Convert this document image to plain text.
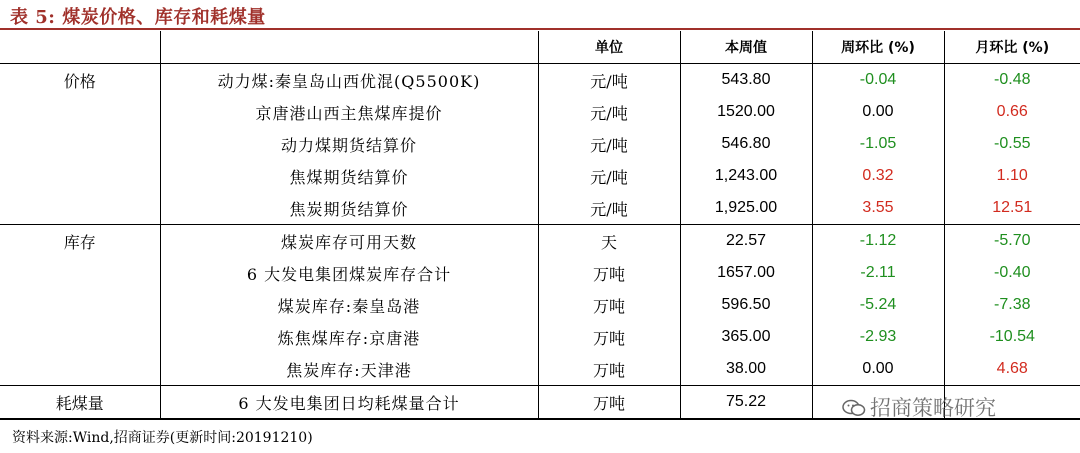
表 5: 煤炭价格、库存和耗煤量
		单位	本周值	周环比 (%)	月环比 (%)
价格	动力煤:秦皇岛山西优混(Q5500K)	元/吨	543.80	-0.04	-0.48
	京唐港山西主焦煤库提价	元/吨	1520.00	0.00	0.66
	动力煤期货结算价	元/吨	546.80	-1.05	-0.55
	焦煤期货结算价	元/吨	1,243.00	0.32	1.10
	焦炭期货结算价	元/吨	1,925.00	3.55	12.51
库存	煤炭库存可用天数	天	22.57	-1.12	-5.70
	6 大发电集团煤炭库存合计	万吨	1657.00	-2.11	-0.40
	煤炭库存:秦皇岛港	万吨	596.50	-5.24	-7.38
	炼焦煤库存:京唐港	万吨	365.00	-2.93	-10.54
	焦炭库存:天津港	万吨	38.00	0.00	4.68
耗煤量	6 大发电集团日均耗煤量合计	万吨	75.22		
资料来源:Wind,招商证券(更新时间:20191210)
招商策略研究
